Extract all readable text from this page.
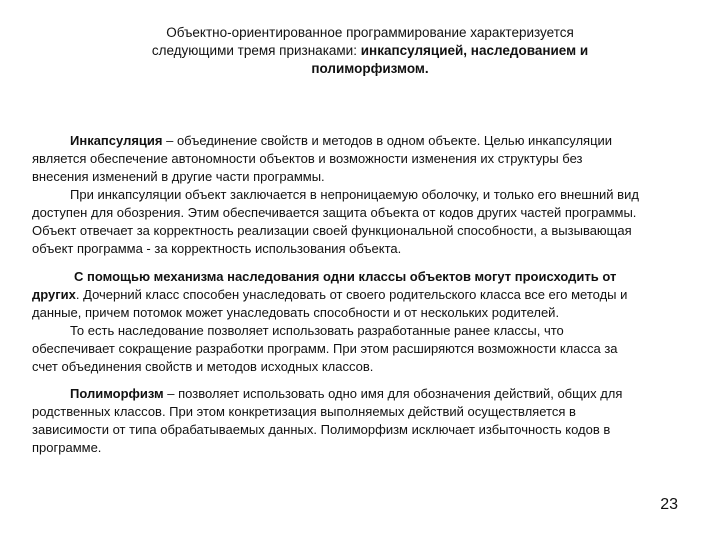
Объектно-ориентированное программирование характеризуется
следующими тремя признаками: инкапсуляцией, наследованием и
полиморфизмом.
Инкапсуляция – объединение свойств и методов в одном объекте. Целью инкапсуляции
является обеспечение автономности объектов и возможности изменения их структуры без
внесения изменений в другие части программы.
При инкапсуляции объект заключается в непроницаемую оболочку, и только его внешний вид
доступен для обозрения. Этим обеспечивается защита объекта от кодов других частей программы.
Объект отвечает за корректность реализации своей функциональной способности, а вызывающая
объект программа - за корректность использования объекта.
С помощью механизма наследования одни классы объектов могут происходить от
других. Дочерний класс способен унаследовать от своего родительского класса все его методы и
данные, причем потомок может унаследовать способности и от нескольких родителей.
То есть наследование позволяет использовать разработанные ранее классы, что
обеспечивает сокращение разработки программ. При этом расширяются возможности класса за
счет объединения свойств и методов исходных классов.
Полиморфизм – позволяет использовать одно имя для обозначения действий, общих для
родственных классов. При этом конкретизация выполняемых действий осуществляется в
зависимости от типа обрабатываемых данных. Полиморфизм исключает избыточность кодов в
программе.
23
